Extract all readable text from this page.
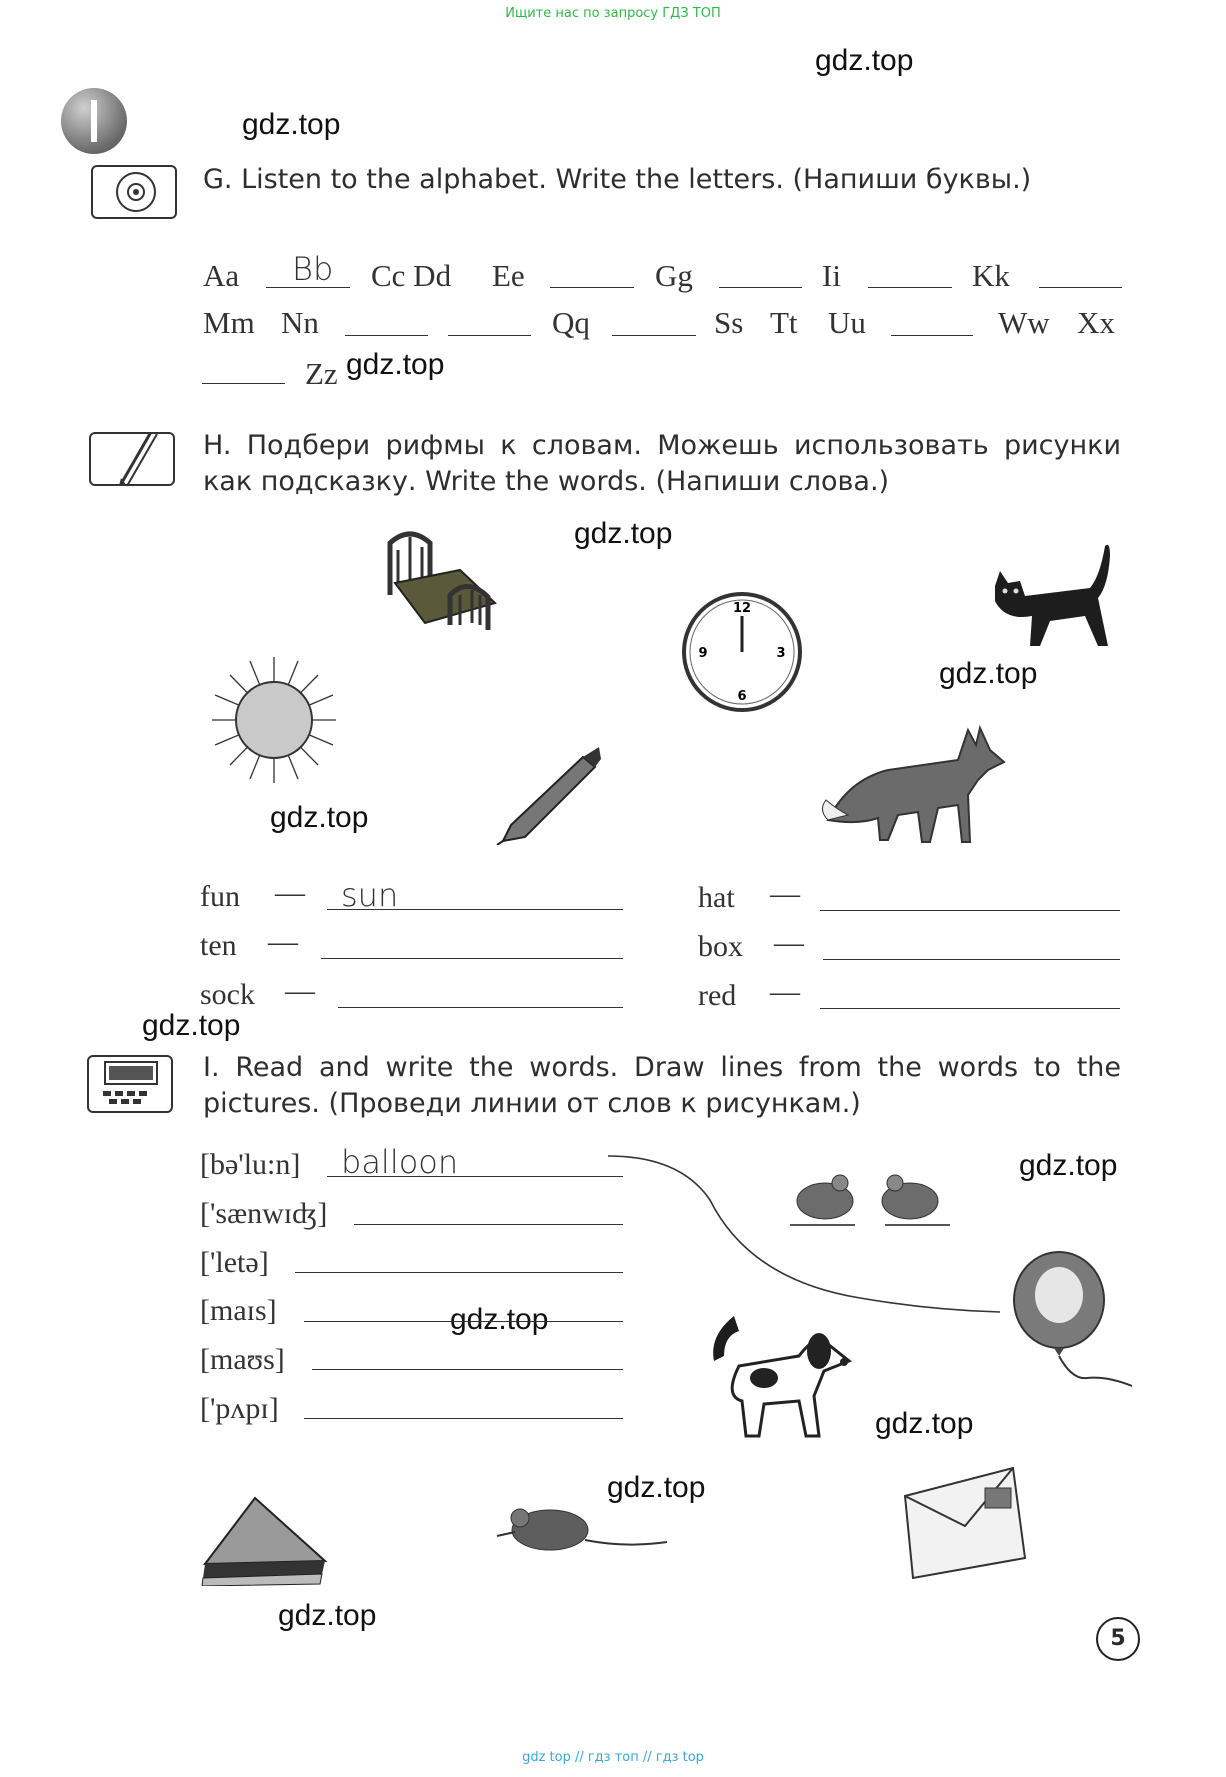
Ищите нас по запросу ГДЗ ТОП
gdz.top
gdz.top
gdz.top
gdz.top
gdz.top
gdz.top
gdz.top
gdz.top
gdz.top
gdz.top
gdz.top
gdz.top
G. Listen to the alphabet. Write the letters. (Напиши буквы.)
Aa Bb Cc Dd Ee	Gg	Ii	Kk
Mm Nn	Qq	Ss Tt Uu	Ww Xx
Zz
H. Подбери рифмы к словам. Можешь использовать рисунки как подсказку. Write the words. (Напиши слова.)
12
3
6
9
fun — sun
ten —
sock —
hat —
box —
red —
I. Read and write the words. Draw lines from the words to the pictures. (Проведи линии от слов к рисункам.)
[bə'lu:n] balloon
['sænwɪʤ]
['letə]
[maɪs]
[maʊs]
['pʌpɪ]
5
gdz top // гдз топ // гдз top
